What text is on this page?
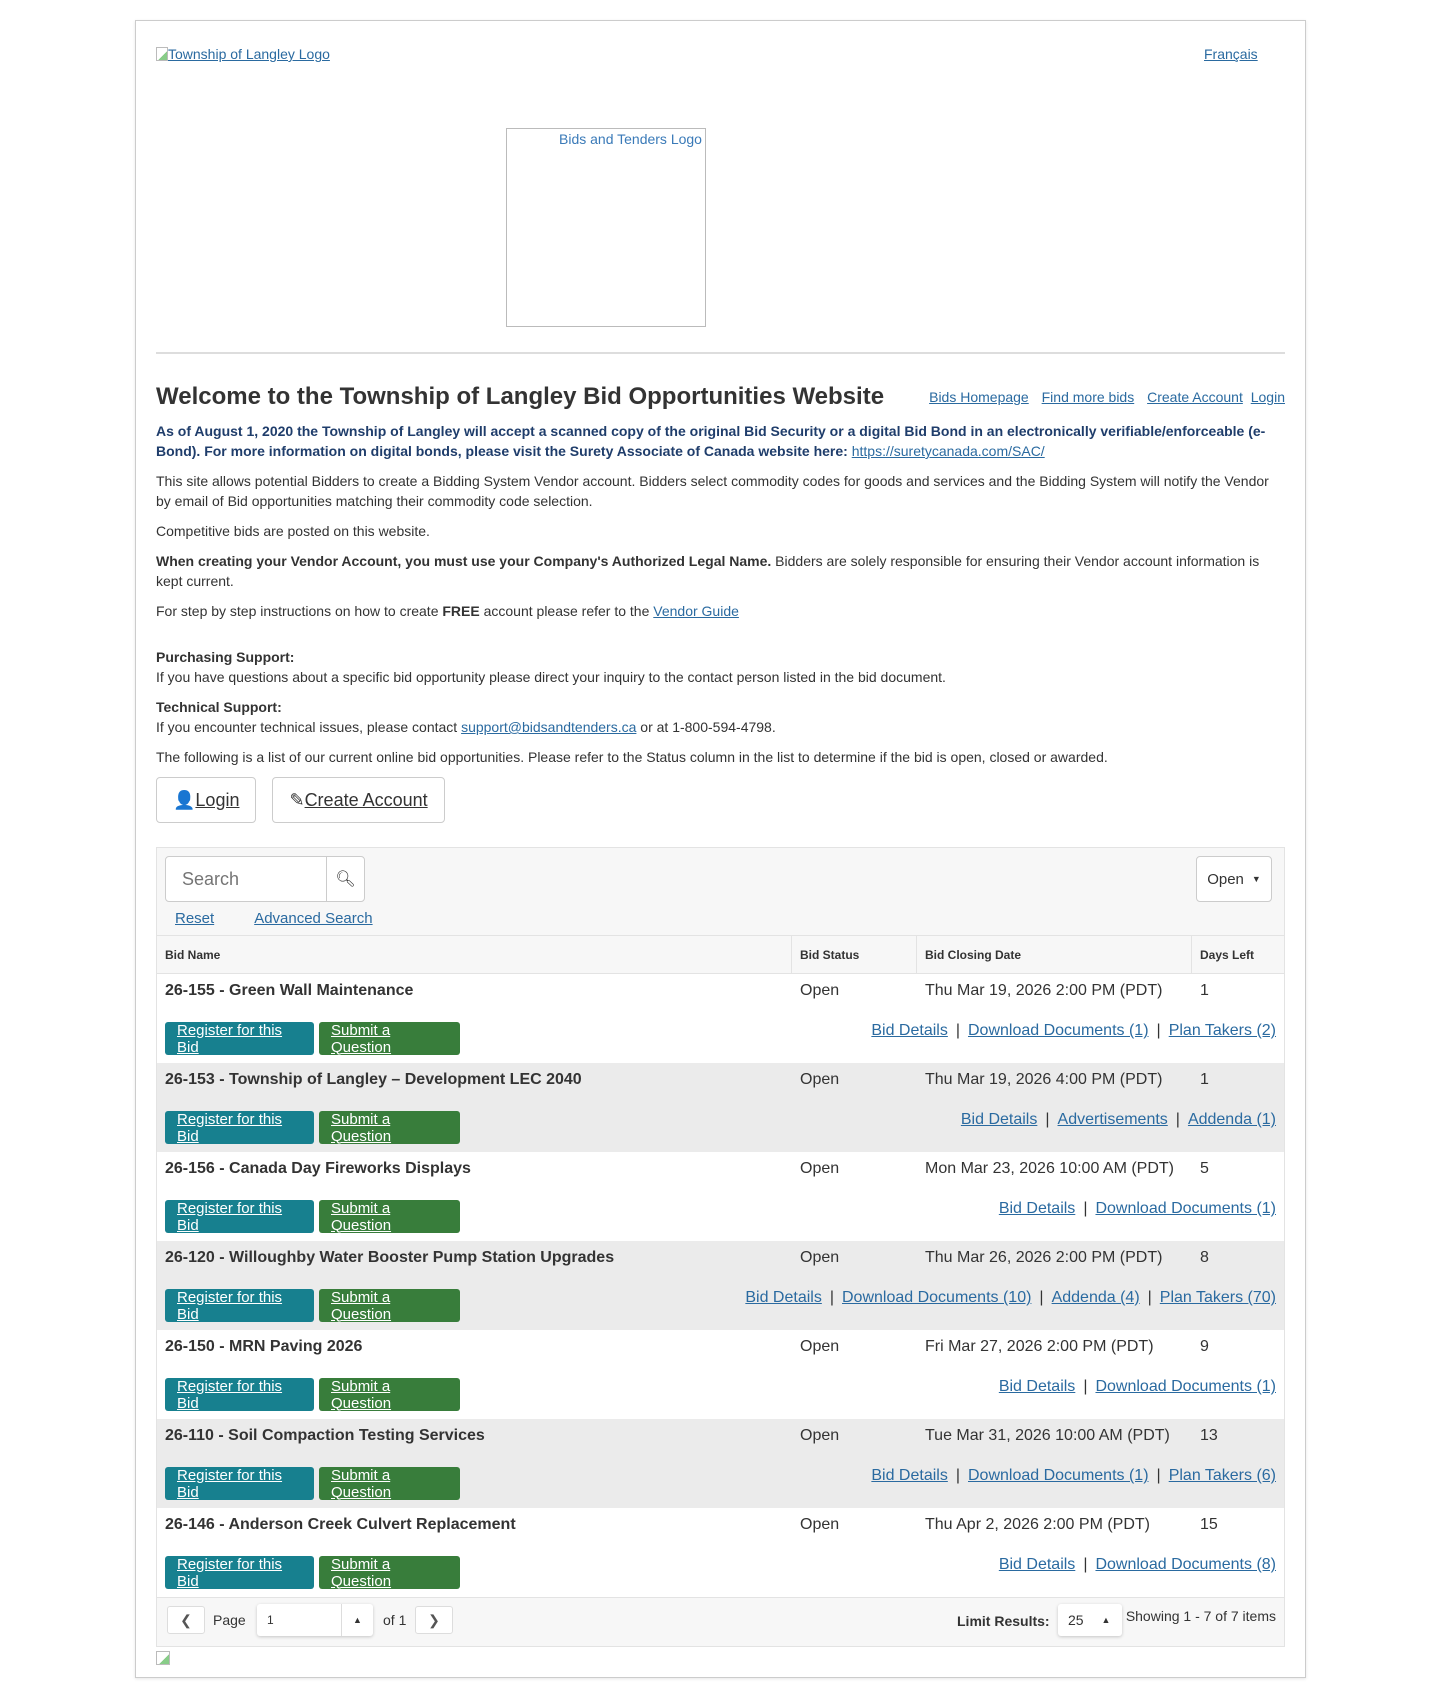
Township of Langley Logo	Français
Bids and Tenders Logo
Welcome to the Township of Langley Bid Opportunities Website	Bids Homepage Find more bids Create Account Login

As of August 1, 2020 the Township of Langley will accept a scanned copy of the original Bid Security or a digital Bid Bond in an electronically verifiable/enforceable (e-Bond). For more information on digital bonds, please visit the Surety Associate of Canada website here: https://suretycanada.com/SAC/

This site allows potential Bidders to create a Bidding System Vendor account. Bidders select commodity codes for goods and services and the Bidding System will notify the Vendor by email of Bid opportunities matching their commodity code selection.

Competitive bids are posted on this website.

When creating your Vendor Account, you must use your Company's Authorized Legal Name. Bidders are solely responsible for ensuring their Vendor account information is kept current.

For step by step instructions on how to create FREE account please refer to the Vendor Guide

Purchasing Support:
If you have questions about a specific bid opportunity please direct your inquiry to the contact person listed in the bid document.

Technical Support:
If you encounter technical issues, please contact support@bidsandtenders.ca or at 1-800-594-4798.

The following is a list of our current online bid opportunities. Please refer to the Status column in the list to determine if the bid is open, closed or awarded.

👤 Login	✎ Create Account
Search
🔍︎
Reset	Advanced Search
Open ▼
Bid Name	Bid Status	Bid Closing Date	Days Left
26-155 - Green Wall Maintenance	Open	Thu Mar 19, 2026 2:00 PM (PDT) 1
Register for this Bid
Submit a Question
Bid Details | Download Documents (1) | Plan Takers (2)
26-153 - Township of Langley – Development LEC 2040	Open	Thu Mar 19, 2026 4:00 PM (PDT) 1
Register for this Bid
Submit a Question
Bid Details | Advertisements | Addenda (1)
26-156 - Canada Day Fireworks Displays	Open	Mon Mar 23, 2026 10:00 AM (PDT) 5
Register for this Bid
Submit a Question
Bid Details | Download Documents (1)
26-120 - Willoughby Water Booster Pump Station Upgrades	Open	Thu Mar 26, 2026 2:00 PM (PDT) 8
Register for this Bid
Submit a Question
Bid Details | Download Documents (10) | Addenda (4) | Plan Takers (70)
26-150 - MRN Paving 2026	Open	Fri Mar 27, 2026 2:00 PM (PDT)	9
Register for this Bid
Submit a Question
Bid Details | Download Documents (1)
26-110 - Soil Compaction Testing Services	Open	Tue Mar 31, 2026 10:00 AM (PDT) 13
Register for this Bid
Submit a Question
Bid Details | Download Documents (1) | Plan Takers (6)
26-146 - Anderson Creek Culvert Replacement	Open	Thu Apr 2, 2026 2:00 PM (PDT)	15
Register for this Bid
Submit a Question
Bid Details | Download Documents (8)
❮ Page 1	▲ of 1 ❯	Limit Results: 25	▲	Showing 1 - 7 of 7 items
